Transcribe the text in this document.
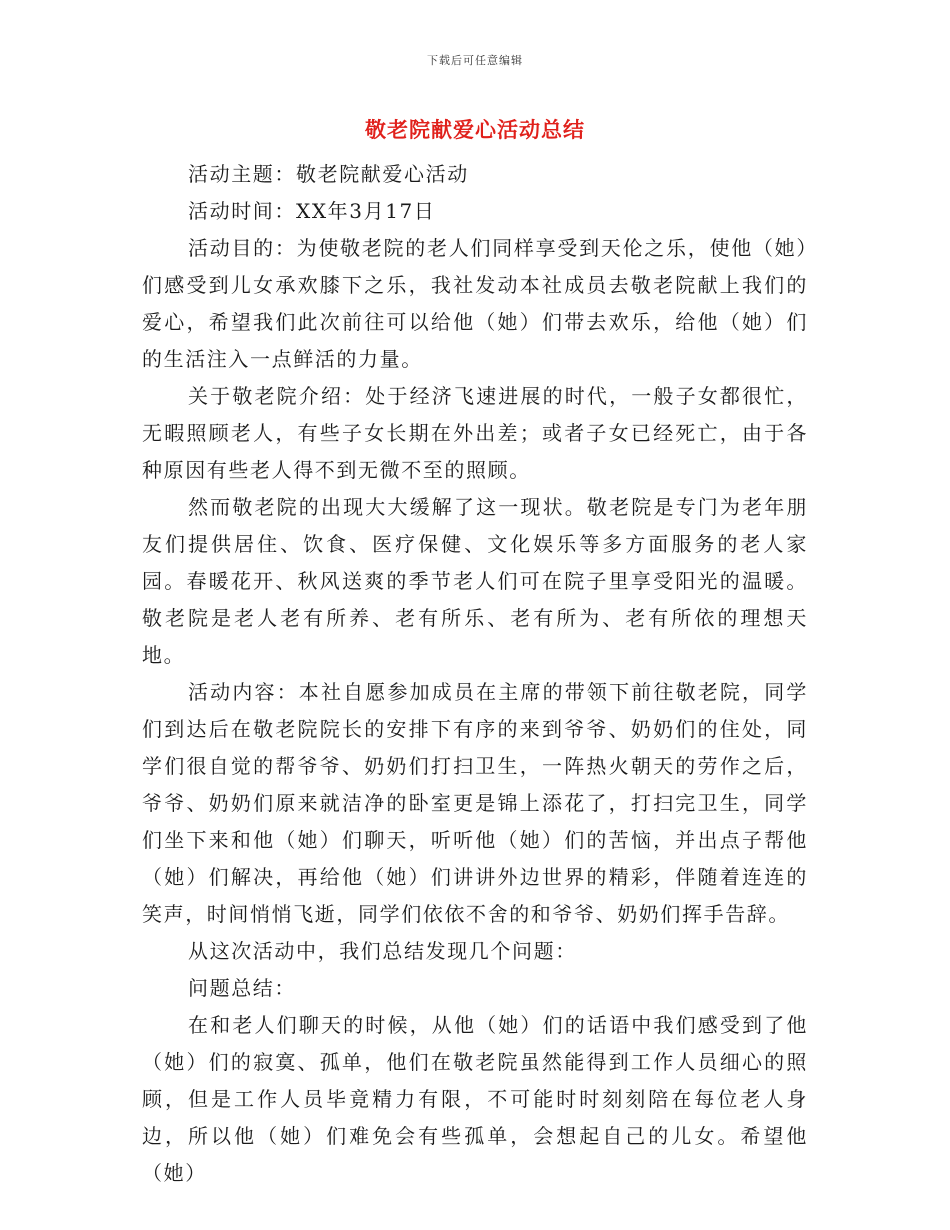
下载后可任意编辑
敬老院献爱心活动总结

活动主题：敬老院献爱心活动

活动时间：XX年3月17日

活动目的：为使敬老院的老人们同样享受到天伦之乐，使他（她）们感受到儿女承欢膝下之乐，我社发动本社成员去敬老院献上我们的爱心，希望我们此次前往可以给他（她）们带去欢乐，给他（她）们的生活注入一点鲜活的力量。

关于敬老院介绍：处于经济飞速进展的时代，一般子女都很忙，无暇照顾老人，有些子女长期在外出差；或者子女已经死亡，由于各种原因有些老人得不到无微不至的照顾。

然而敬老院的出现大大缓解了这一现状。敬老院是专门为老年朋友们提供居住、饮食、医疗保健、文化娱乐等多方面服务的老人家园。春暖花开、秋风送爽的季节老人们可在院子里享受阳光的温暖。敬老院是老人老有所养、老有所乐、老有所为、老有所依的理想天地。

活动内容：本社自愿参加成员在主席的带领下前往敬老院，同学们到达后在敬老院院长的安排下有序的来到爷爷、奶奶们的住处，同学们很自觉的帮爷爷、奶奶们打扫卫生，一阵热火朝天的劳作之后，爷爷、奶奶们原来就洁净的卧室更是锦上添花了，打扫完卫生，同学们坐下来和他（她）们聊天，听听他（她）们的苦恼，并出点子帮他（她）们解决，再给他（她）们讲讲外边世界的精彩，伴随着连连的笑声，时间悄悄飞逝，同学们依依不舍的和爷爷、奶奶们挥手告辞。

从这次活动中，我们总结发现几个问题：

问题总结：

在和老人们聊天的时候，从他（她）们的话语中我们感受到了他（她）们的寂寞、孤单，他们在敬老院虽然能得到工作人员细心的照顾，但是工作人员毕竟精力有限，不可能时时刻刻陪在每位老人身边，所以他（她）们难免会有些孤单，会想起自己的儿女。希望他（她）
